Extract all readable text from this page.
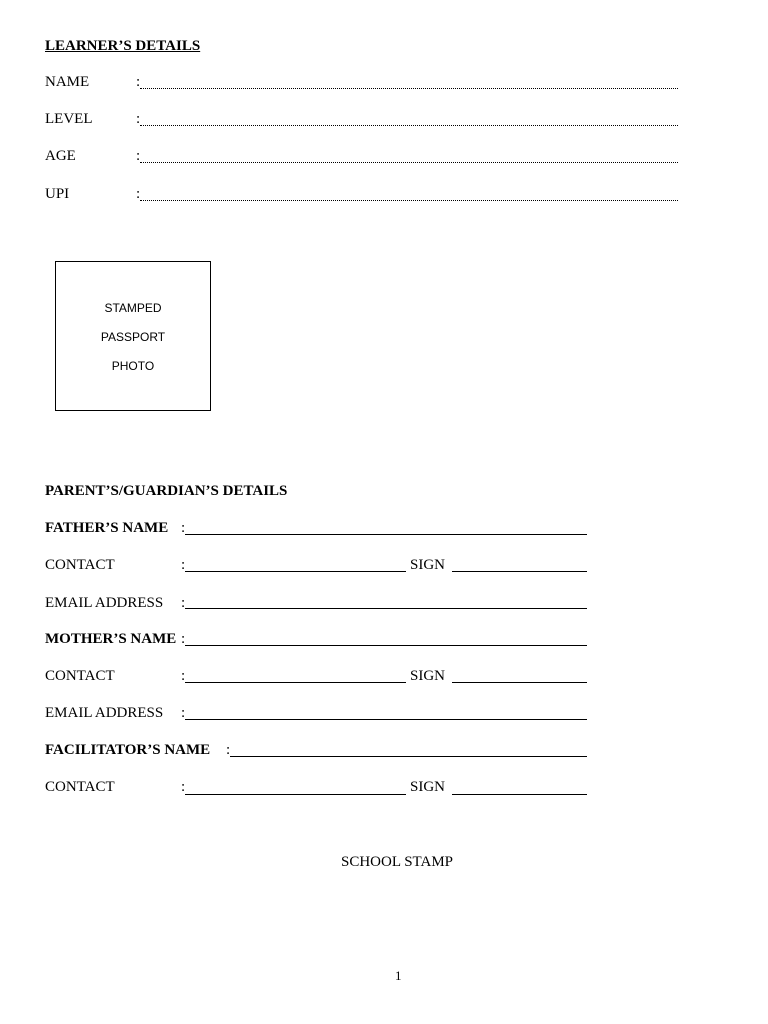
LEARNER’S DETAILS
NAME	:
LEVEL	:
AGE	:
UPI	:
STAMPED
PASSPORT
PHOTO
PARENT’S/GUARDIAN’S DETAILS
FATHER’S NAME :
CONTACT	:	SIGN
EMAIL ADDRESS :
MOTHER’S NAME :
CONTACT	:	SIGN
EMAIL ADDRESS :
FACILITATOR’S NAME :
CONTACT	:	SIGN
SCHOOL STAMP
1
